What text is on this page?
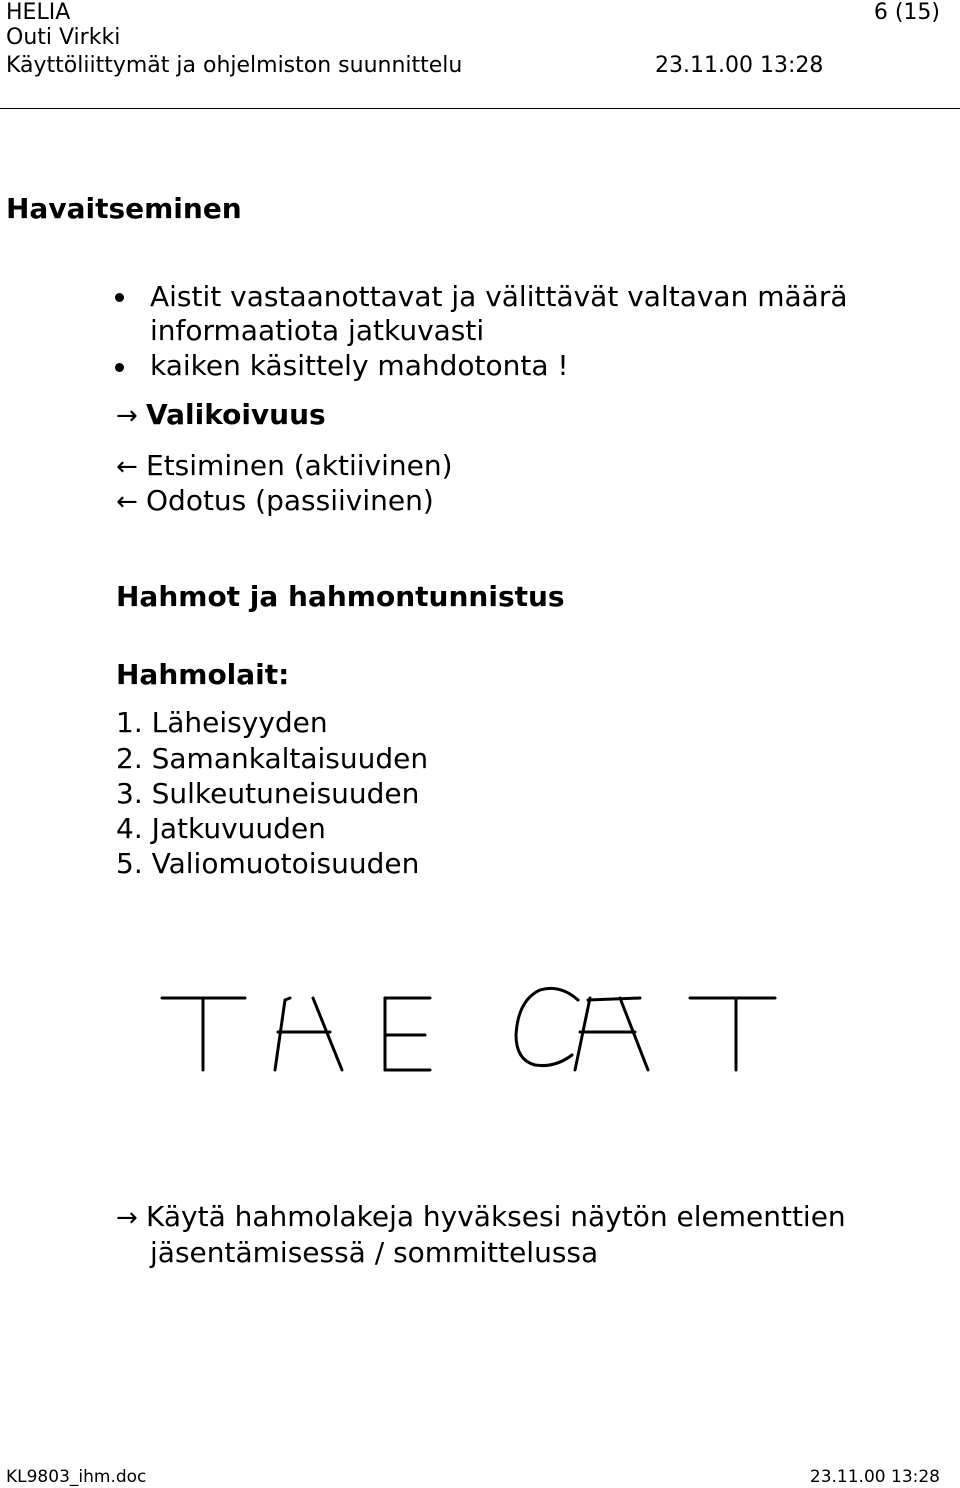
HELIA	6 (15)
Outi Virkki
Käyttöliittymät ja ohjelmiston suunnittelu	23.11.00 13:28
Havaitseminen
Aistit vastaanottavat ja välittävät valtavan määrä
informaatiota jatkuvasti
kaiken käsittely mahdotonta !
→ Valikoivuus
← Etsiminen (aktiivinen)
← Odotus (passiivinen)
Hahmot ja hahmontunnistus
Hahmolait:
1. Läheisyyden
2. Samankaltaisuuden
3. Sulkeutuneisuuden
4. Jatkuvuuden
5. Valiomuotoisuuden
→ Käytä hahmolakeja hyväksesi näytön elementtien
jäsentämisessä / sommittelussa
KL9803_ihm.doc	23.11.00 13:28
